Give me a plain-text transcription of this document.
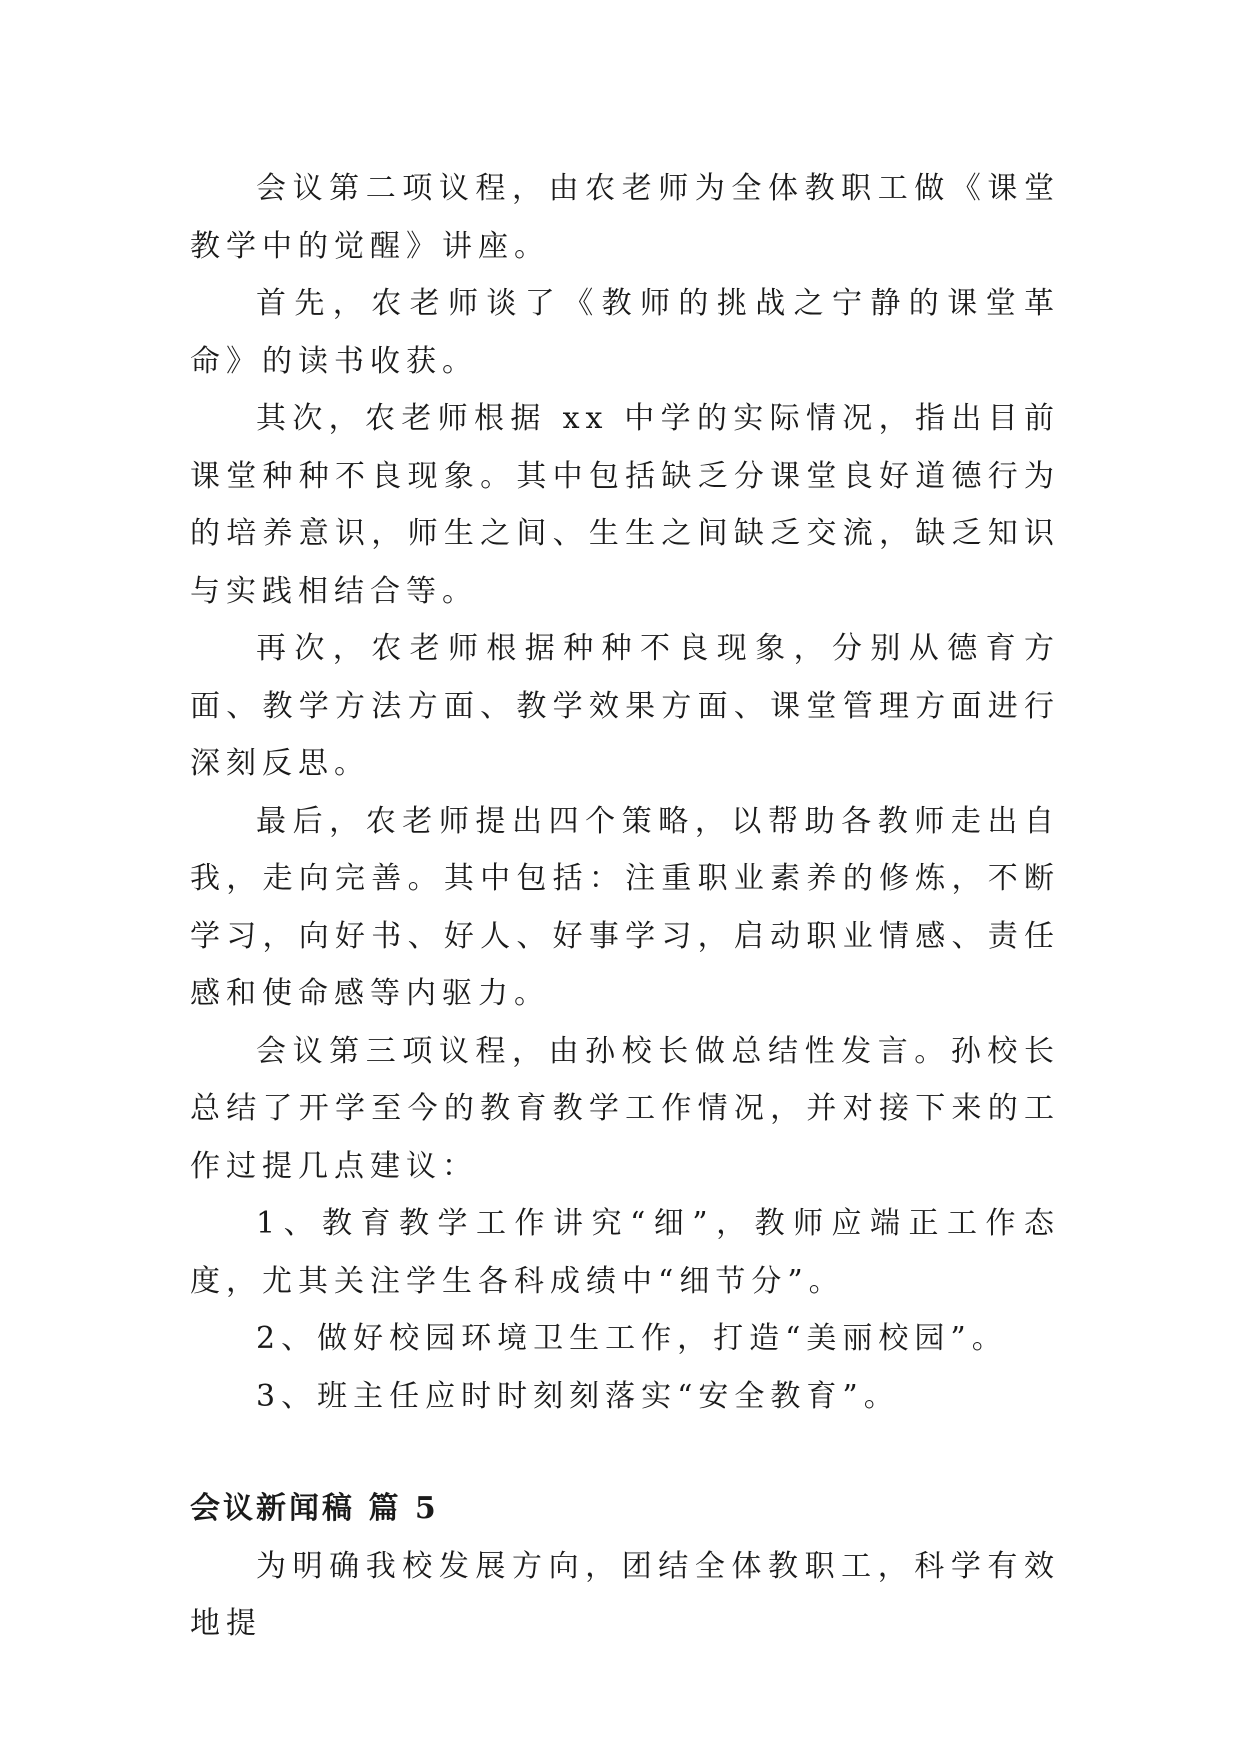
会议第二项议程，由农老师为全体教职工做《课堂教学中的觉醒》讲座。

首先，农老师谈了《教师的挑战之宁静的课堂革命》的读书收获。

其次，农老师根据 xx 中学的实际情况，指出目前课堂种种不良现象。其中包括缺乏分课堂良好道德行为的培养意识，师生之间、生生之间缺乏交流，缺乏知识与实践相结合等。

再次，农老师根据种种不良现象，分别从德育方面、教学方法方面、教学效果方面、课堂管理方面进行深刻反思。

最后，农老师提出四个策略，以帮助各教师走出自我，走向完善。其中包括：注重职业素养的修炼，不断学习，向好书、好人、好事学习，启动职业情感、责任感和使命感等内驱力。

会议第三项议程，由孙校长做总结性发言。孙校长总结了开学至今的教育教学工作情况，并对接下来的工作过提几点建议：

1、教育教学工作讲究“细”，教师应端正工作态度，尤其关注学生各科成绩中“细节分”。

2、做好校园环境卫生工作，打造“美丽校园”。

3、班主任应时时刻刻落实“安全教育”。

会议新闻稿 篇 5

为明确我校发展方向，团结全体教职工，科学有效地提
